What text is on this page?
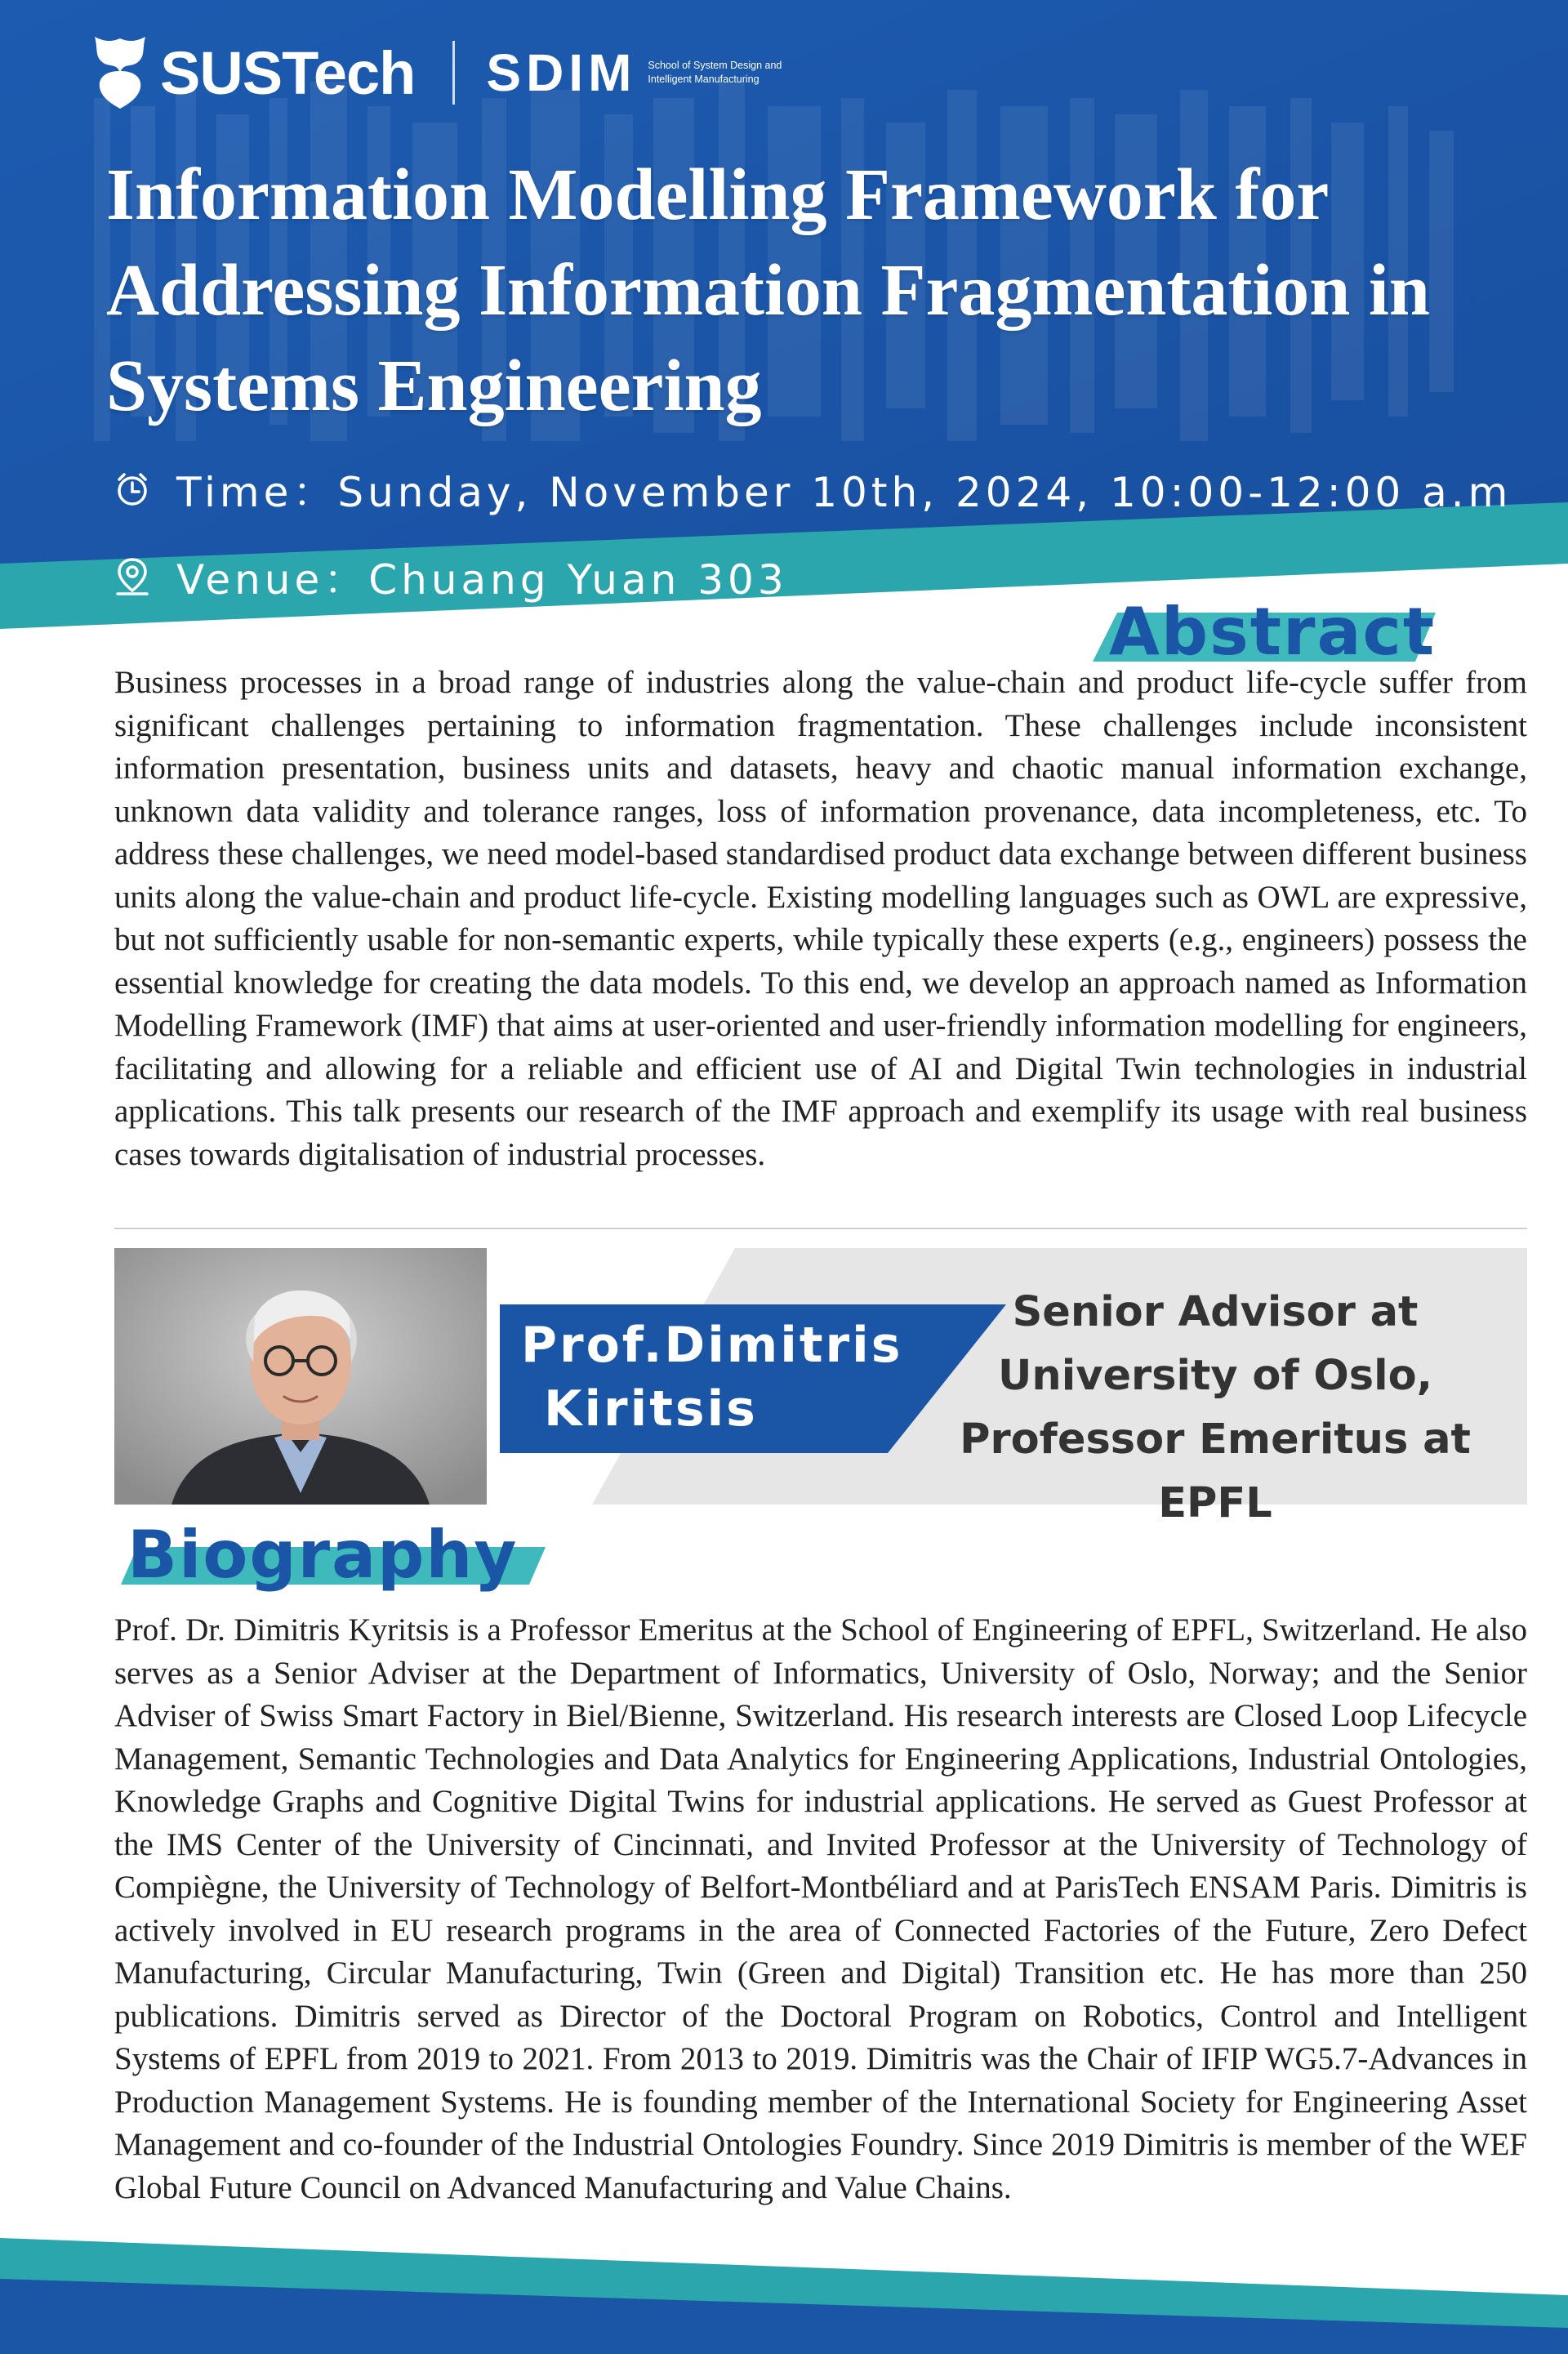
SUSTech SDIM School of System Design and Intelligent Manufacturing
Information Modelling Framework for Addressing Information Fragmentation in Systems Engineering
Time：Sunday, November 10th, 2024, 10:00-12:00 a.m
Venue：Chuang Yuan 303
Abstract
Business processes in a broad range of industries along the value-chain and product life-cycle suffer from significant challenges pertaining to information fragmentation. These challenges include inconsistent information presentation, business units and datasets, heavy and chaotic manual information exchange, unknown data validity and tolerance ranges, loss of information provenance, data incompleteness, etc. To address these challenges, we need model-based standardised product data exchange between different business units along the value-chain and product life-cycle. Existing modelling languages such as OWL are expressive, but not sufficiently usable for non-semantic experts, while typically these experts (e.g., engineers) possess the essential knowledge for creating the data models. To this end, we develop an approach named as Information Modelling Framework (IMF) that aims at user-oriented and user-friendly information modelling for engineers, facilitating and allowing for a reliable and efficient use of AI and Digital Twin technologies in industrial applications. This talk presents our research of the IMF approach and exemplify its usage with real business cases towards digitalisation of industrial processes.
Prof.Dimitris
Kiritsis
Senior Advisor at
University of Oslo,
Professor Emeritus at EPFL
Biography
Prof. Dr. Dimitris Kyritsis is a Professor Emeritus at the School of Engineering of EPFL, Switzerland. He also serves as a Senior Adviser at the Department of Informatics, University of Oslo, Norway; and the Senior Adviser of Swiss Smart Factory in Biel/Bienne, Switzerland. His research interests are Closed Loop Lifecycle Management, Semantic Technologies and Data Analytics for Engineering Applications, Industrial Ontologies, Knowledge Graphs and Cognitive Digital Twins for industrial applications. He served as Guest Professor at the IMS Center of the University of Cincinnati, and Invited Professor at the University of Technology of Compiègne, the University of Technology of Belfort-Montbéliard and at ParisTech ENSAM Paris. Dimitris is actively involved in EU research programs in the area of Connected Factories of the Future, Zero Defect Manufacturing, Circular Manufacturing, Twin (Green and Digital) Transition etc. He has more than 250 publications. Dimitris served as Director of the Doctoral Program on Robotics, Control and Intelligent Systems of EPFL from 2019 to 2021. From 2013 to 2019. Dimitris was the Chair of IFIP WG5.7-Advances in Production Management Systems. He is founding member of the International Society for Engineering Asset Management and co-founder of the Industrial Ontologies Foundry. Since 2019 Dimitris is member of the WEF Global Future Council on Advanced Manufacturing and Value Chains.
